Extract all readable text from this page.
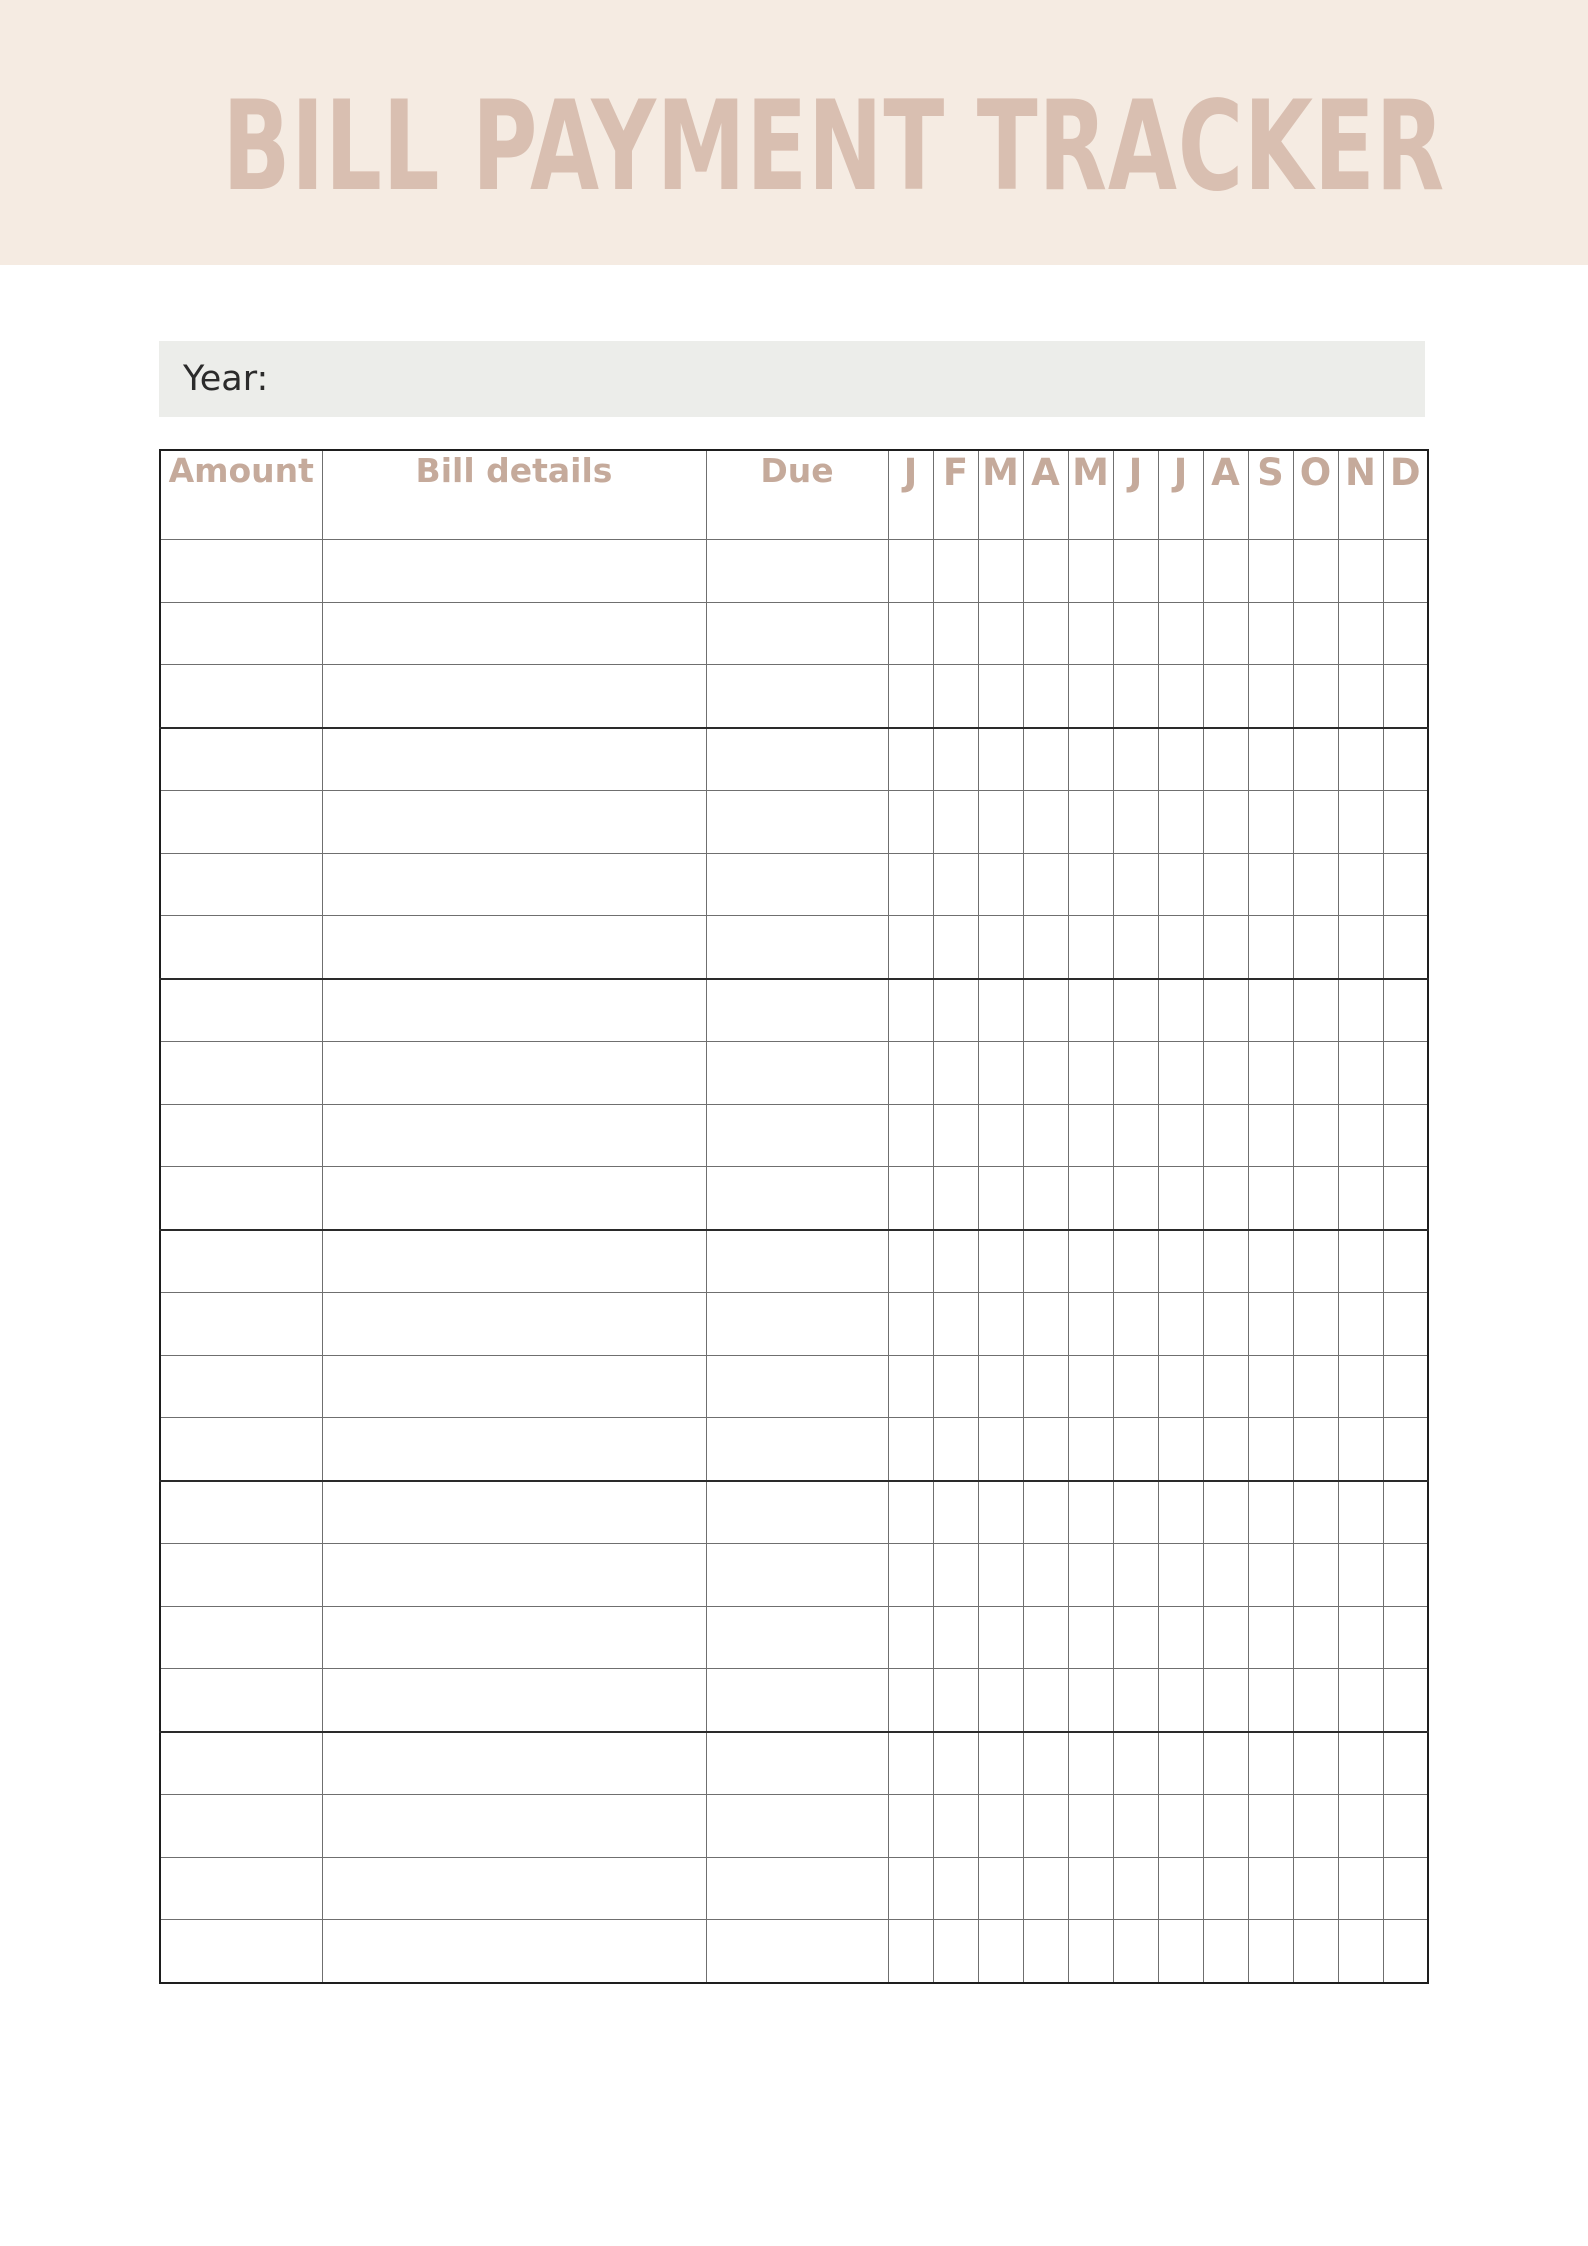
BILL PAYMENT TRACKER
Year:
Amount	Bill details	Due	J	F	M	A	M	J	J	A	S	O	N	D
